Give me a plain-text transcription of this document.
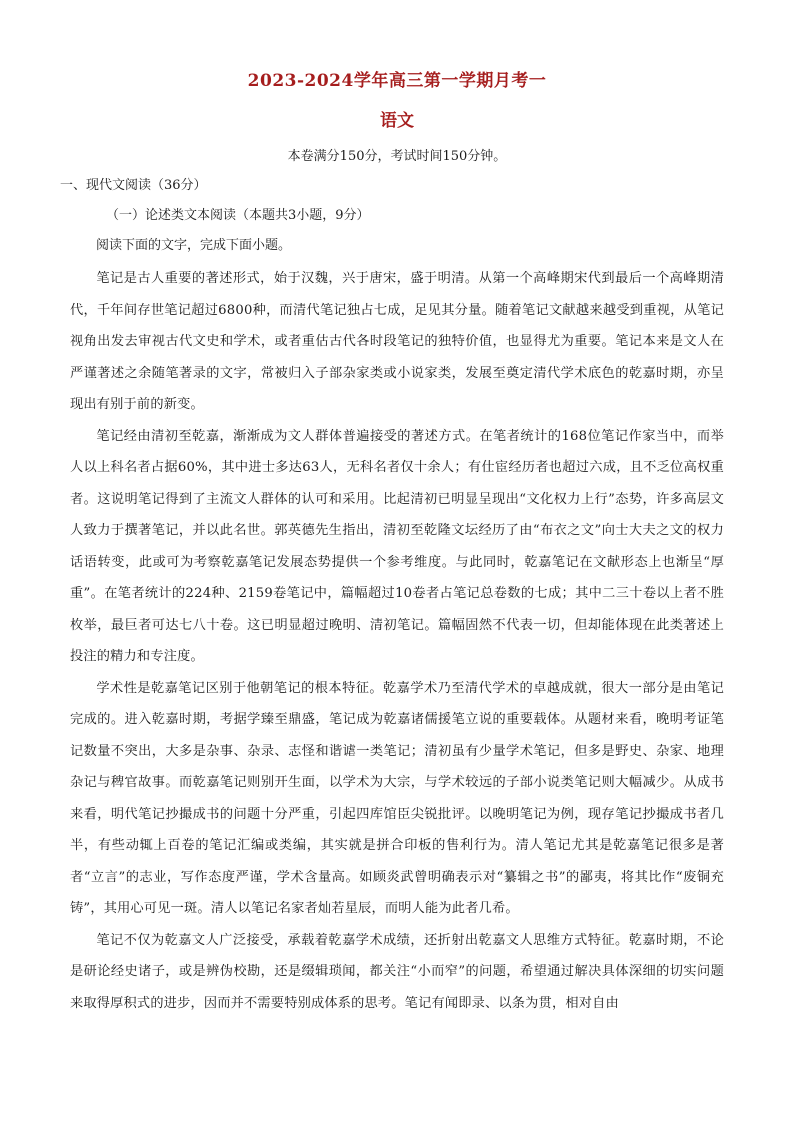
2023-2024学年高三第一学期月考一
语文
本卷满分150分，考试时间150分钟。
一、现代文阅读（36分）
（一）论述类文本阅读（本题共3小题，9分）
阅读下面的文字，完成下面小题。

笔记是古人重要的著述形式，始于汉魏，兴于唐宋，盛于明清。从第一个高峰期宋代到最后一个高峰期清代，千年间存世笔记超过6800种，而清代笔记独占七成，足见其分量。随着笔记文献越来越受到重视，从笔记视角出发去审视古代文史和学术，或者重估古代各时段笔记的独特价值，也显得尤为重要。笔记本来是文人在严谨著述之余随笔著录的文字，常被归入子部杂家类或小说家类，发展至奠定清代学术底色的乾嘉时期，亦呈现出有别于前的新变。

笔记经由清初至乾嘉，渐渐成为文人群体普遍接受的著述方式。在笔者统计的168位笔记作家当中，而举人以上科名者占据60%，其中进士多达63人，无科名者仅十余人；有仕宦经历者也超过六成，且不乏位高权重者。这说明笔记得到了主流文人群体的认可和采用。比起清初已明显呈现出“文化权力上行”态势，许多高层文人致力于撰著笔记，并以此名世。郭英德先生指出，清初至乾隆文坛经历了由“布衣之文”向士大夫之文的权力话语转变，此或可为考察乾嘉笔记发展态势提供一个参考维度。与此同时，乾嘉笔记在文献形态上也渐呈“厚重”。在笔者统计的224种、2159卷笔记中，篇幅超过10卷者占笔记总卷数的七成；其中二三十卷以上者不胜枚举，最巨者可达七八十卷。这已明显超过晚明、清初笔记。篇幅固然不代表一切，但却能体现在此类著述上投注的精力和专注度。

学术性是乾嘉笔记区别于他朝笔记的根本特征。乾嘉学术乃至清代学术的卓越成就，很大一部分是由笔记完成的。进入乾嘉时期，考据学臻至鼎盛，笔记成为乾嘉诸儒援笔立说的重要载体。从题材来看，晚明考证笔记数量不突出，大多是杂事、杂录、志怪和谐谑一类笔记；清初虽有少量学术笔记，但多是野史、杂家、地理杂记与稗官故事。而乾嘉笔记则别开生面，以学术为大宗，与学术较远的子部小说类笔记则大幅减少。从成书来看，明代笔记抄撮成书的问题十分严重，引起四库馆臣尖锐批评。以晚明笔记为例，现存笔记抄撮成书者几半，有些动辄上百卷的笔记汇编或类编，其实就是拼合印板的售利行为。清人笔记尤其是乾嘉笔记很多是著者“立言”的志业，写作态度严谨，学术含量高。如顾炎武曾明确表示对“纂辑之书”的鄙夷，将其比作“废铜充铸”，其用心可见一斑。清人以笔记名家者灿若星辰，而明人能为此者几希。

笔记不仅为乾嘉文人广泛接受，承载着乾嘉学术成绩，还折射出乾嘉文人思维方式特征。乾嘉时期，不论是研论经史诸子，或是辨伪校勘，还是缀辑琐闻，都关注“小而窄”的问题，希望通过解决具体深细的切实问题来取得厚积式的进步，因而并不需要特别成体系的思考。笔记有闻即录、以条为贯，相对自由
